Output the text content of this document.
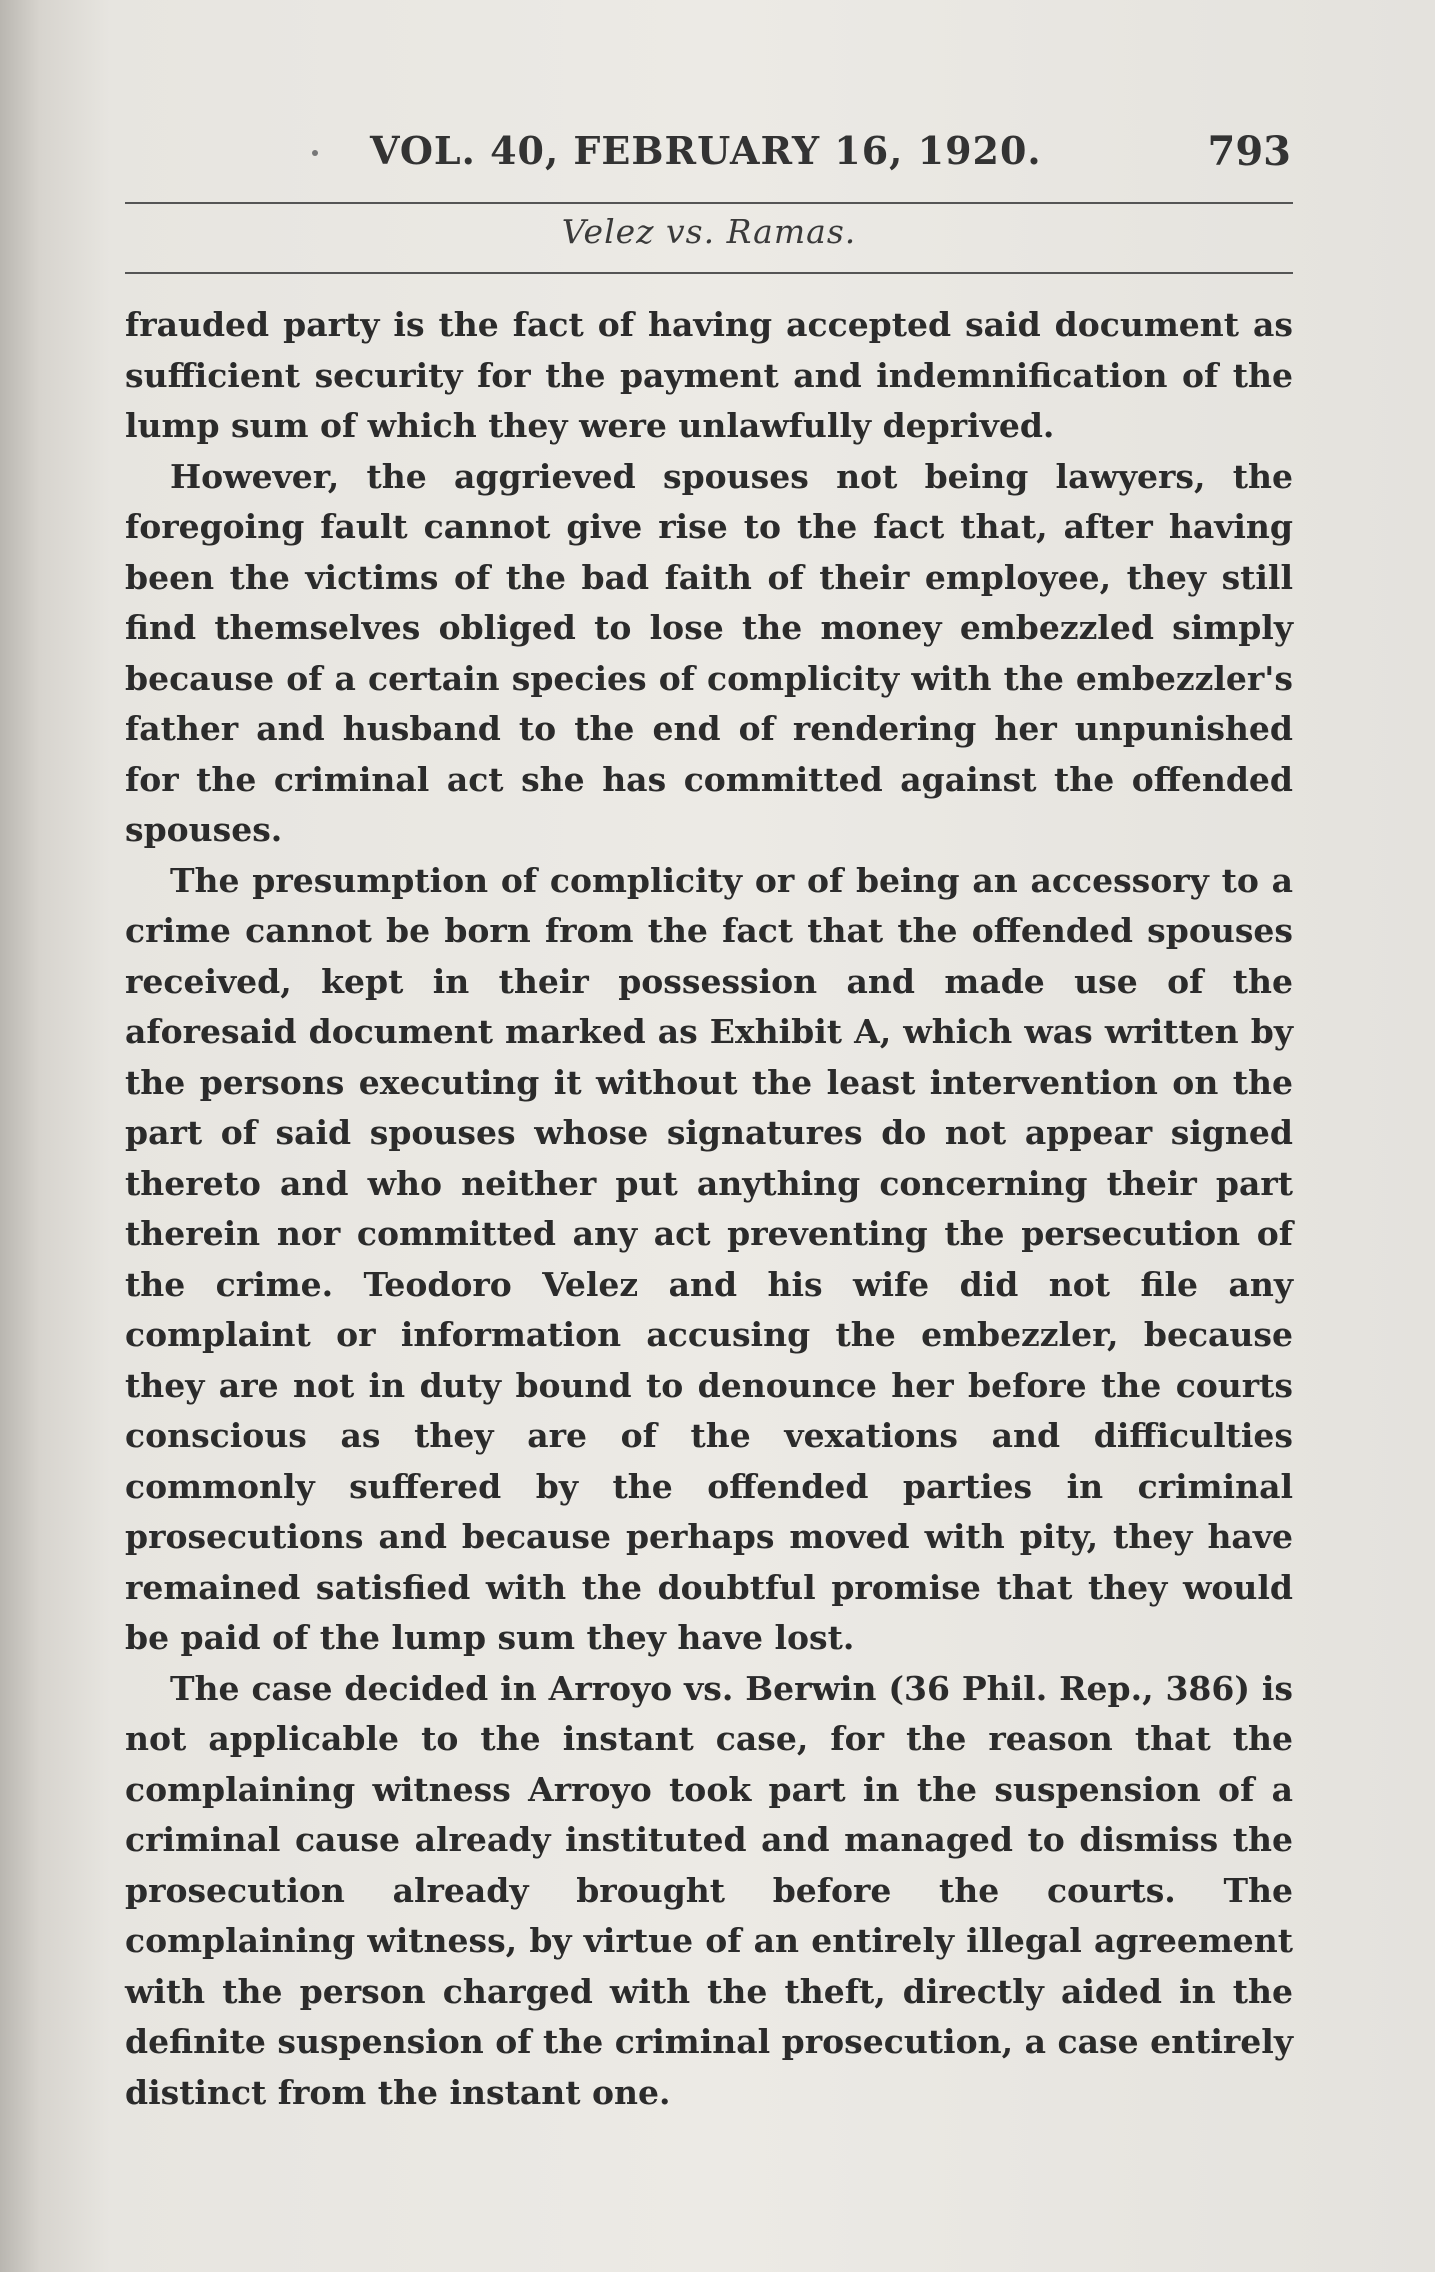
VOL. 40, FEBRUARY 16, 1920.	793
Velez vs. Ramas.

frauded party is the fact of having accepted said document as sufficient security for the payment and indemnification of the lump sum of which they were unlawfully deprived.

However, the aggrieved spouses not being lawyers, the foregoing fault cannot give rise to the fact that, after having been the victims of the bad faith of their employee, they still find themselves obliged to lose the money embezzled simply because of a certain species of complicity with the embezzler's father and husband to the end of rendering her unpunished for the criminal act she has committed against the offended spouses.

The presumption of complicity or of being an accessory to a crime cannot be born from the fact that the offended spouses received, kept in their possession and made use of the aforesaid document marked as Exhibit A, which was written by the persons executing it without the least intervention on the part of said spouses whose signatures do not appear signed thereto and who neither put anything concerning their part therein nor committed any act preventing the persecution of the crime. Teodoro Velez and his wife did not file any complaint or information accusing the embezzler, because they are not in duty bound to denounce her before the courts conscious as they are of the vexations and difficulties commonly suffered by the offended parties in criminal prosecutions and because perhaps moved with pity, they have remained satisfied with the doubtful promise that they would be paid of the lump sum they have lost.

The case decided in Arroyo vs. Berwin (36 Phil. Rep., 386) is not applicable to the instant case, for the reason that the complaining witness Arroyo took part in the suspension of a criminal cause already instituted and managed to dismiss the prosecution already brought before the courts. The complaining witness, by virtue of an entirely illegal agreement with the person charged with the theft, directly aided in the definite suspension of the criminal prosecution, a case entirely distinct from the instant one.
